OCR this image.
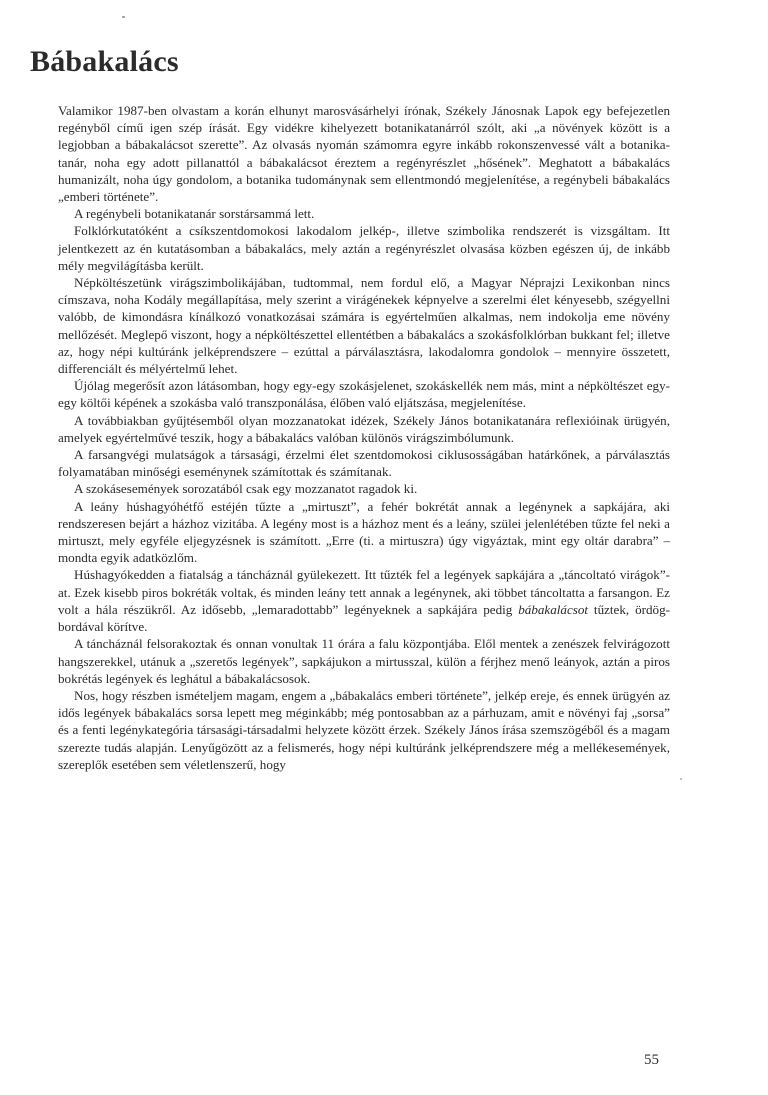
Bábakalács

Valamikor 1987-ben olvastam a korán elhunyt marosvásárhelyi írónak, Székely Jánosnak Lapok egy befejezetlen regényből című igen szép írását. Egy vidékre kihelyezett botanikatanárról szólt, aki „a növények között is a legjobban a bábakalácsot szerette”. Az olvasás nyomán számomra egyre inkább rokonszenvessé vált a botanikatanár, noha egy adott pillanattól a bábakalácsot éreztem a regényrészlet „hősének”. Meghatott a bábakalács humanizált, noha úgy gondolom, a botanika tudománynak sem ellentmondó megjelenítése, a regénybeli bábakalács „emberi története”.

A regénybeli botanikatanár sorstársammá lett.

Folklórkutatóként a csíkszentdomokosi lakodalom jelkép-, illetve szimbolika rendszerét is vizsgáltam. Itt jelentkezett az én kutatásomban a bábakalács, mely aztán a regényrészlet olvasása közben egészen új, de inkább mély megvilágításba került.

Népköltészetünk virágszimbolikájában, tudtommal, nem fordul elő, a Magyar Néprajzi Lexikonban nincs címszava, noha Kodály megállapítása, mely szerint a virágénekek képnyelve a szerelmi élet kényesebb, szégyellni valóbb, de kimondásra kínálkozó vonatkozásai számára is egyértelműen alkalmas, nem indokolja eme növény mellőzését. Meglepő viszont, hogy a népköltészettel ellentétben a bábakalács a szokásfolklórban bukkant fel; illetve az, hogy népi kultúránk jelképrendszere – ezúttal a párválasztásra, lakodalomra gondolok – mennyire összetett, differenciált és mélyértelmű lehet.

Újólag megerősít azon látásomban, hogy egy-egy szokásjelenet, szokáskellék nem más, mint a népköltészet egy-egy költői képének a szokásba való transzponálása, élőben való eljátszása, megjelenítése.

A továbbiakban gyűjtésemből olyan mozzanatokat idézek, Székely János botanikatanára reflexióinak ürügyén, amelyek egyértelművé teszik, hogy a bábakalács valóban különös virágszimbólumunk.

A farsangvégi mulatságok a társasági, érzelmi élet szentdomokosi ciklusosságában határkőnek, a párválasztás folyamatában minőségi eseménynek számítottak és számítanak.

A szokásesemények sorozatából csak egy mozzanatot ragadok ki.

A leány húshagyóhétfő estéjén tűzte a „mirtuszt”, a fehér bokrétát annak a legénynek a sapkájára, aki rendszeresen bejárt a házhoz vizitába. A legény most is a házhoz ment és a leány, szülei jelenlétében tűzte fel neki a mirtuszt, mely egyféle eljegyzésnek is számított. „Erre (ti. a mirtuszra) úgy vigyáztak, mint egy oltár darabra” – mondta egyik adatközlőm.

Húshagyókedden a fiatalság a táncháznál gyülekezett. Itt tűzték fel a legények sapkájára a „táncoltató virágok”-at. Ezek kisebb piros bokréták voltak, és minden leány tett annak a legénynek, aki többet táncoltatta a farsangon. Ez volt a hála részükről. Az idősebb, „lemaradottabb” legényeknek a sapkájára pedig bábakalácsot tűztek, ördögbordával körítve.

A táncháznál felsorakoztak és onnan vonultak 11 órára a falu központjába. Elől mentek a zenészek felvirágozott hangszerekkel, utánuk a „szeretős legények”, sapkájukon a mirtusszal, külön a férjhez menő leányok, aztán a piros bokrétás legények és leghátul a bábakalácsosok.

Nos, hogy részben ismételjem magam, engem a „bábakalács emberi története”, jelkép ereje, és ennek ürügyén az idős legények bábakalács sorsa lepett meg méginkább; még pontosabban az a párhuzam, amit e növényi faj „sorsa” és a fenti legénykategória társasági-társadalmi helyzete között érzek. Székely János írása szemszögéből és a magam szerezte tudás alapján. Lenyűgözött az a felismerés, hogy népi kultúránk jelképrendszere még a mellékesemények, szereplők esetében sem véletlenszerű, hogy

55
